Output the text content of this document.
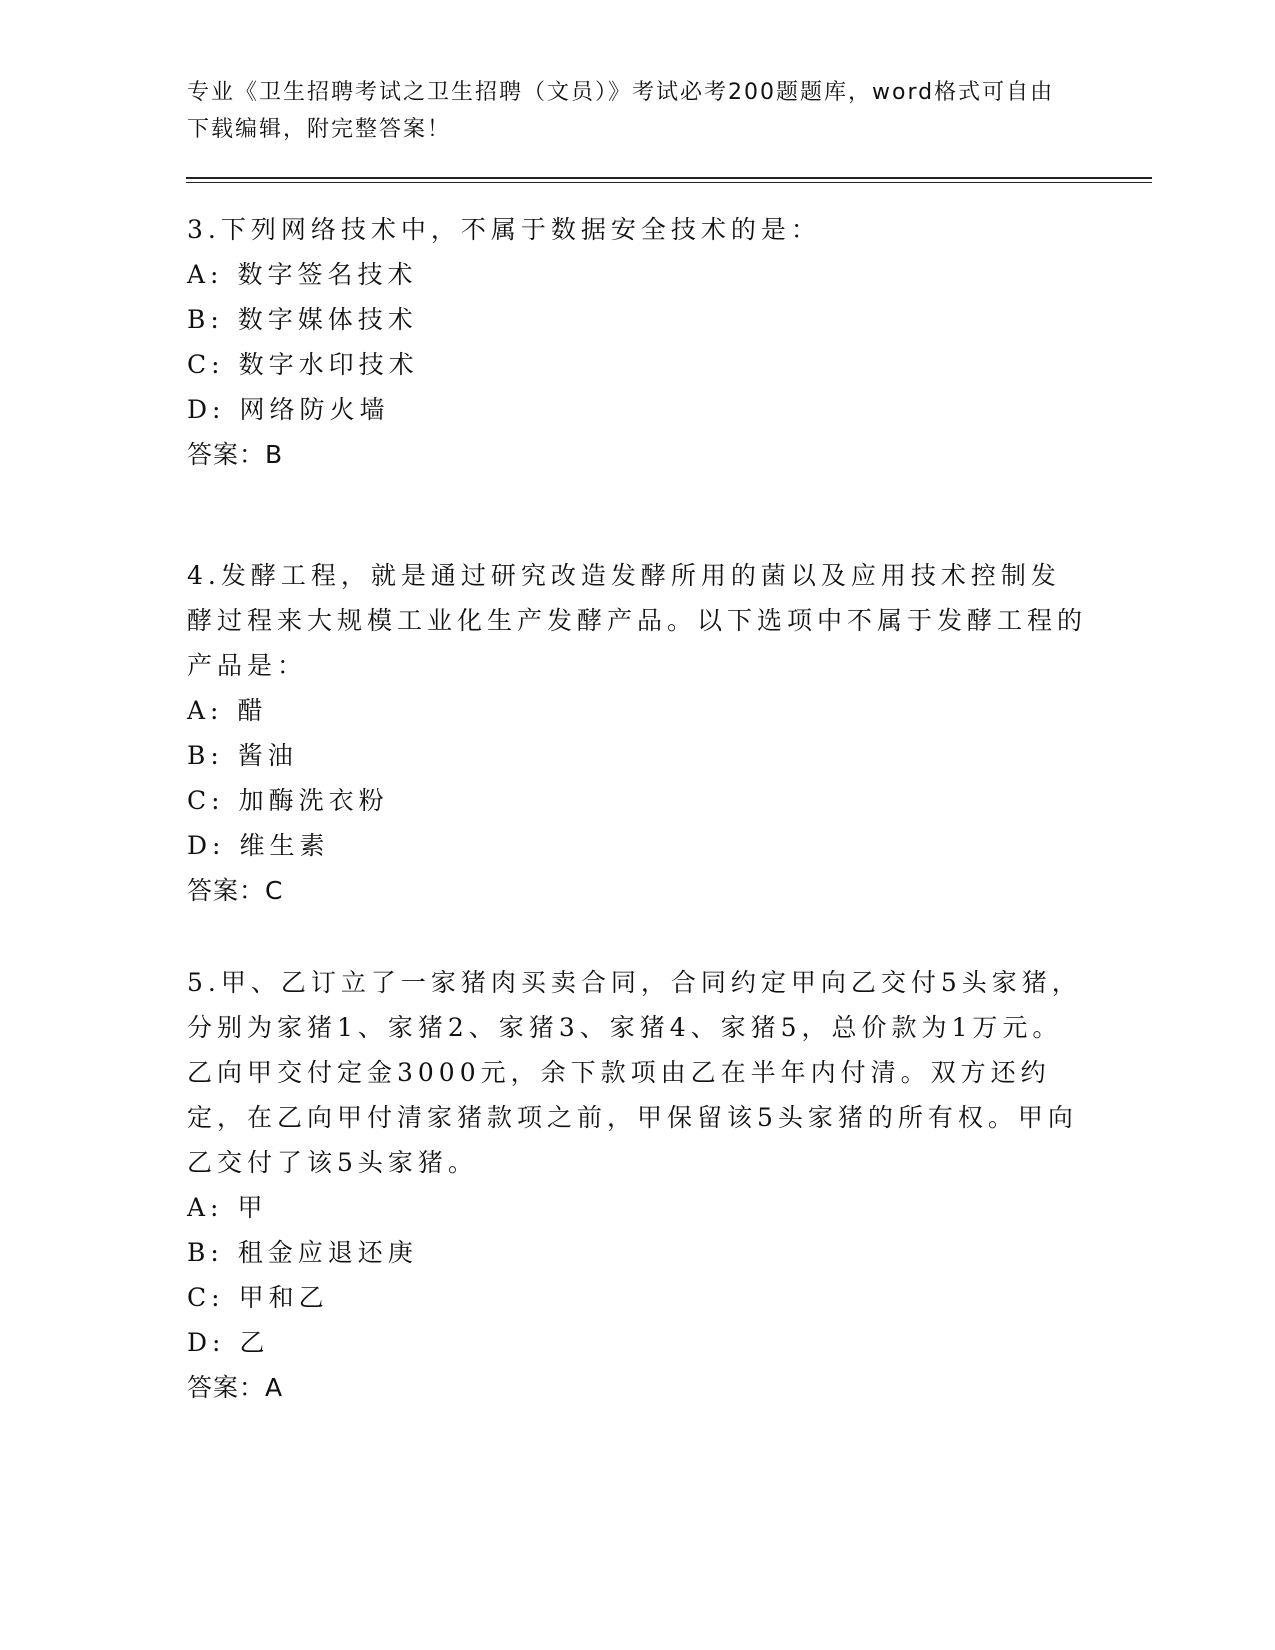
专业《卫生招聘考试之卫生招聘（文员）》考试必考200题题库，word格式可自由下载编辑，附完整答案！

3.下列网络技术中，不属于数据安全技术的是：

A: 数字签名技术

B: 数字媒体技术

C: 数字水印技术

D: 网络防火墙

答案：B

4.发酵工程，就是通过研究改造发酵所用的菌以及应用技术控制发酵过程来大规模工业化生产发酵产品。以下选项中不属于发酵工程的产品是：

A: 醋

B: 酱油

C: 加酶洗衣粉

D: 维生素

答案：C

5.甲、乙订立了一家猪肉买卖合同，合同约定甲向乙交付5头家猪，分别为家猪1、家猪2、家猪3、家猪4、家猪5，总价款为1万元。乙向甲交付定金3000元，余下款项由乙在半年内付清。双方还约定，在乙向甲付清家猪款项之前，甲保留该5头家猪的所有权。甲向乙交付了该5头家猪。

A: 甲

B: 租金应退还庚

C: 甲和乙

D: 乙

答案：A
